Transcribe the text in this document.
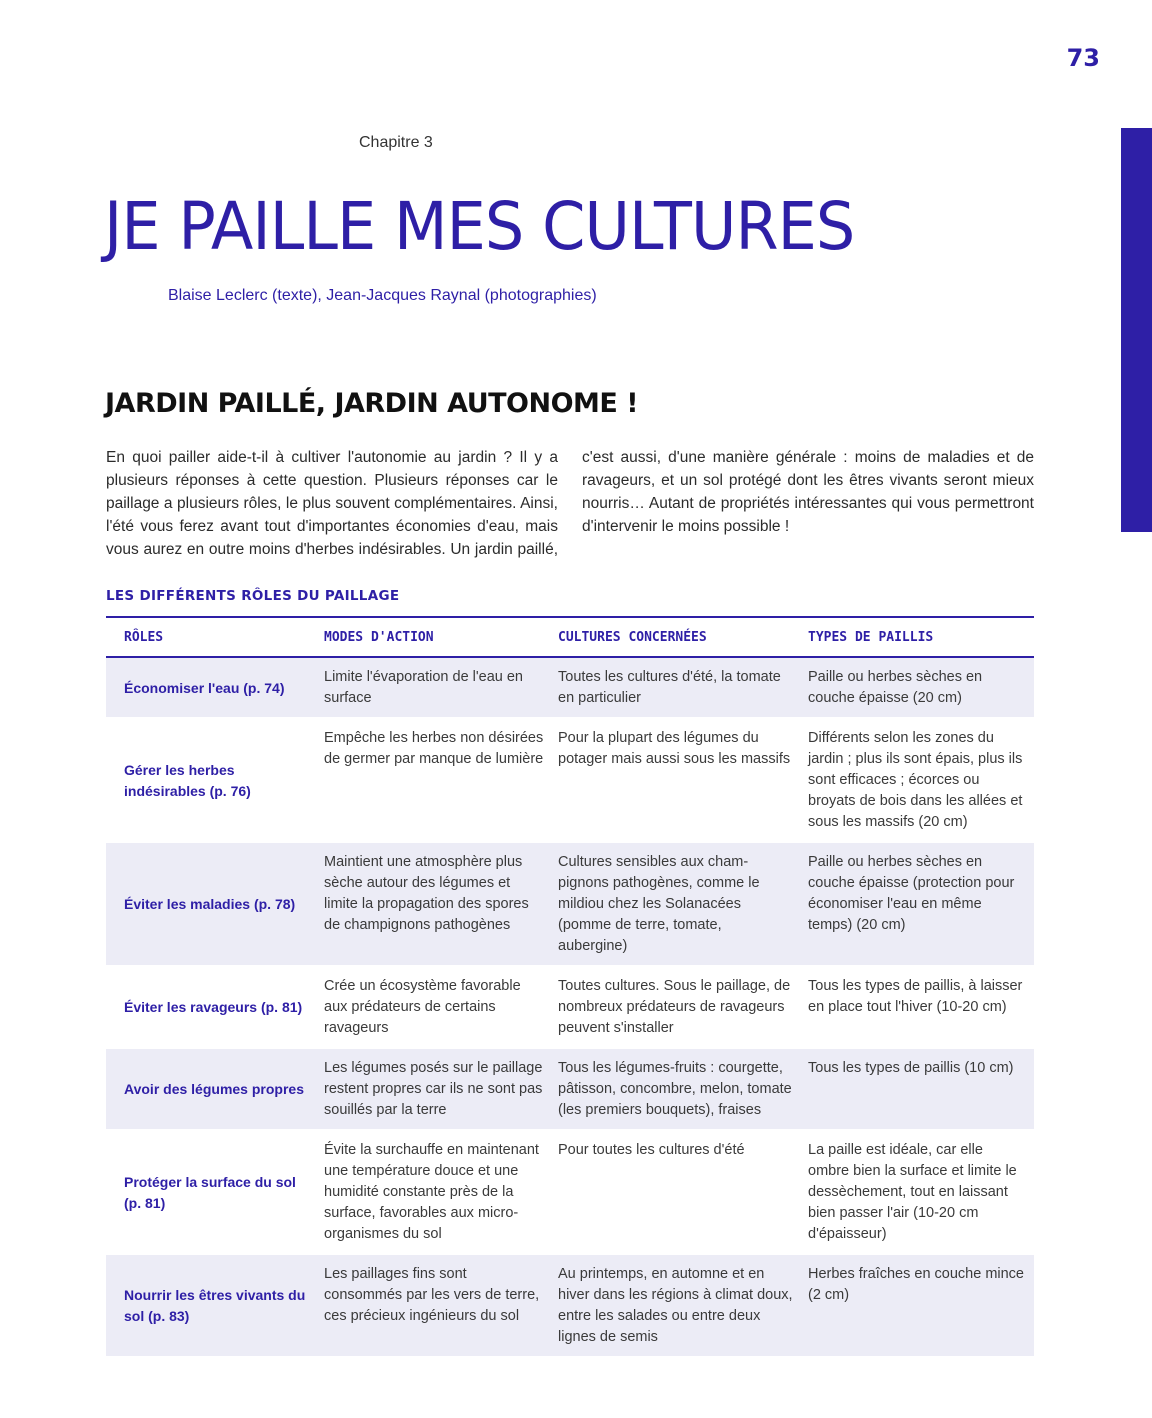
73
Chapitre 3
JE PAILLE MES CULTURES
Blaise Leclerc (texte), Jean-Jacques Raynal (photographies)
JARDIN PAILLÉ, JARDIN AUTONOME !

En quoi pailler aide-t-il à cultiver l'autonomie au jardin ? Il y a plusieurs réponses à cette question. Plusieurs réponses car le paillage a plusieurs rôles, le plus souvent complémentaires. Ainsi, l'été vous ferez avant tout d'importantes économies d'eau, mais vous aurez en outre moins d'herbes indésirables. Un jardin paillé, c'est aussi, d'une manière générale : moins de maladies et de ravageurs, et un sol protégé dont les êtres vivants seront mieux nourris… Autant de propriétés intéressantes qui vous permettront d'intervenir le moins possible !

LES DIFFÉRENTS RÔLES DU PAILLAGE
RÔLES	MODES D'ACTION	CULTURES CONCERNÉES	TYPES DE PAILLIS
Économiser l'eau (p. 74)	Limite l'évaporation de l'eau en surface	Toutes les cultures d'été, la tomate en particulier	Paille ou herbes sèches en couche épaisse (20 cm)
Gérer les herbes indésirables (p. 76)	Empêche les herbes non désirées de germer par manque de lumière	Pour la plupart des légumes du potager mais aussi sous les massifs	Différents selon les zones du jardin ; plus ils sont épais, plus ils sont efficaces ; écorces ou broyats de bois dans les allées et sous les massifs (20 cm)
Éviter les maladies (p. 78)	Maintient une atmosphère plus sèche autour des légumes et limite la propagation des spores de champignons pathogènes	Cultures sensibles aux champignons pathogènes, comme le mildiou chez les Solanacées (pomme de terre, tomate, aubergine)	Paille ou herbes sèches en couche épaisse (protection pour économiser l'eau en même temps) (20 cm)
Éviter les ravageurs (p. 81)	Crée un écosystème favorable aux prédateurs de certains ravageurs	Toutes cultures. Sous le paillage, de nombreux prédateurs de ravageurs peuvent s'installer	Tous les types de paillis, à laisser en place tout l'hiver (10-20 cm)
Avoir des légumes propres	Les légumes posés sur le paillage restent propres car ils ne sont pas souillés par la terre	Tous les légumes-fruits : courgette, pâtisson, concombre, melon, tomate (les premiers bouquets), fraises	Tous les types de paillis (10 cm)
Protéger la surface du sol (p. 81)	Évite la surchauffe en maintenant une température douce et une humidité constante près de la surface, favorables aux micro-organismes du sol	Pour toutes les cultures d'été	La paille est idéale, car elle ombre bien la surface et limite le dessèchement, tout en laissant bien passer l'air (10-20 cm d'épaisseur)
Nourrir les êtres vivants du sol (p. 83)	Les paillages fins sont consommés par les vers de terre, ces précieux ingénieurs du sol	Au printemps, en automne et en hiver dans les régions à climat doux, entre les salades ou entre deux lignes de semis	Herbes fraîches en couche mince (2 cm)
